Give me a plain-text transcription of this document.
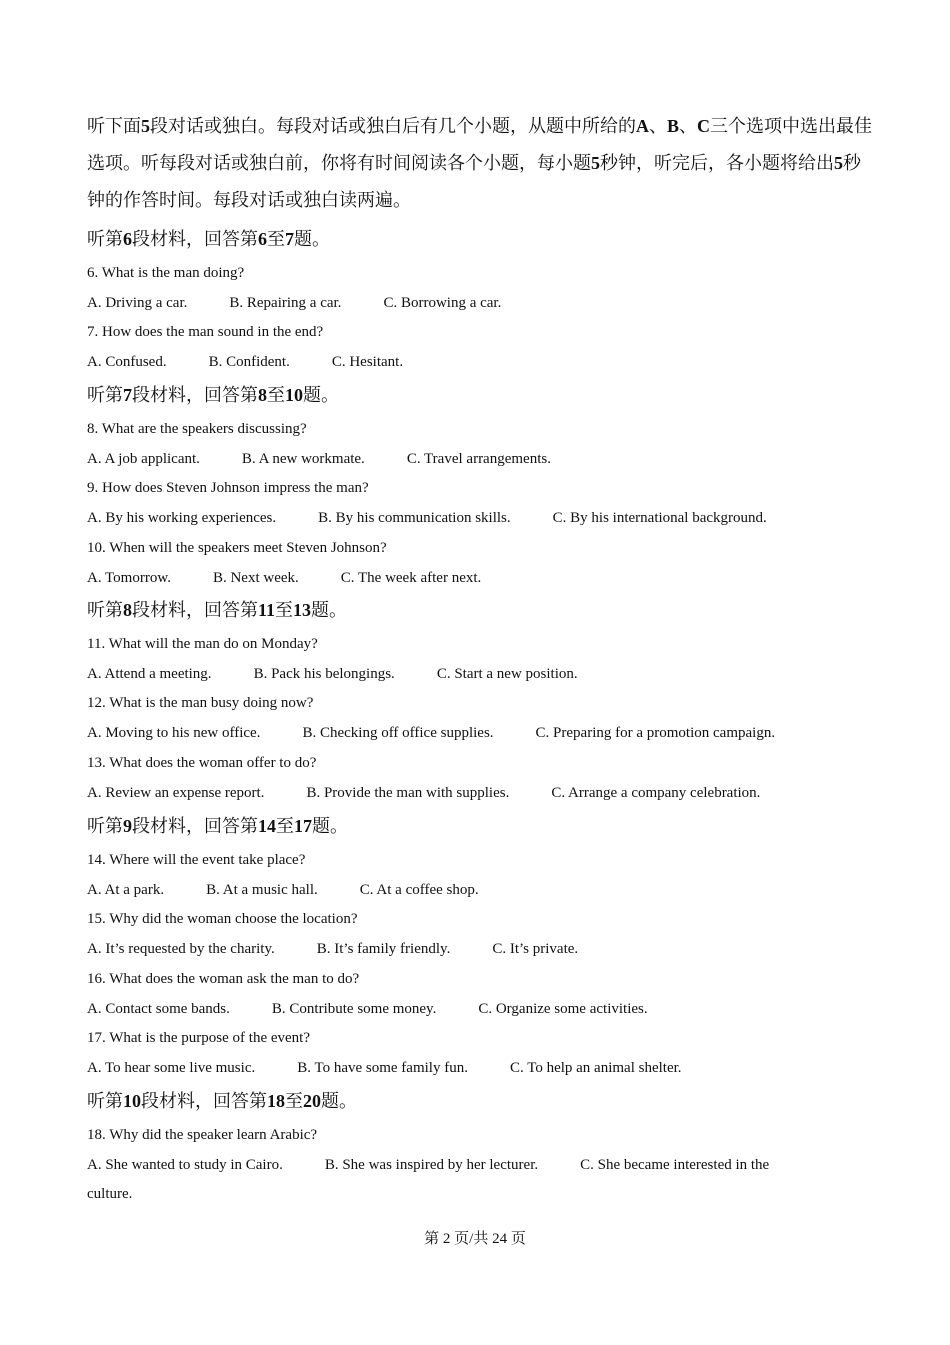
听下面5段对话或独白。每段对话或独白后有几个小题，从题中所给的A、B、C三个选项中选出最佳选项。听每段对话或独白前，你将有时间阅读各个小题，每小题5秒钟，听完后，各小题将给出5秒钟的作答时间。每段对话或独白读两遍。

听第6段材料，回答第6至7题。
6. What is the man doing?
A. Driving a car.	B. Repairing a car.	C. Borrowing a car.
7. How does the man sound in the end?
A. Confused.	B. Confident.	C. Hesitant.
听第7段材料，回答第8至10题。
8. What are the speakers discussing?
A. A job applicant.	B. A new workmate.	C. Travel arrangements.
9. How does Steven Johnson impress the man?
A. By his working experiences.	B. By his communication skills.	C. By his international background.
10. When will the speakers meet Steven Johnson?
A. Tomorrow.	B. Next week.	C. The week after next.
听第8段材料，回答第11至13题。
11. What will the man do on Monday?
A. Attend a meeting.	B. Pack his belongings.	C. Start a new position.
12. What is the man busy doing now?
A. Moving to his new office.	B. Checking off office supplies.	C. Preparing for a promotion campaign.
13. What does the woman offer to do?
A. Review an expense report.	B. Provide the man with supplies.	C. Arrange a company celebration.
听第9段材料，回答第14至17题。
14. Where will the event take place?
A. At a park.	B. At a music hall.	C. At a coffee shop.
15. Why did the woman choose the location?
A. It’s requested by the charity.	B. It’s family friendly.	C. It’s private.
16. What does the woman ask the man to do?
A. Contact some bands.	B. Contribute some money.	C. Organize some activities.
17. What is the purpose of the event?
A. To hear some live music.	B. To have some family fun.	C. To help an animal shelter.
听第10段材料，回答第18至20题。
18. Why did the speaker learn Arabic?
A. She wanted to study in Cairo.	B. She was inspired by her lecturer.	C. She became interested in the
culture.
第 2 页/共 24 页
